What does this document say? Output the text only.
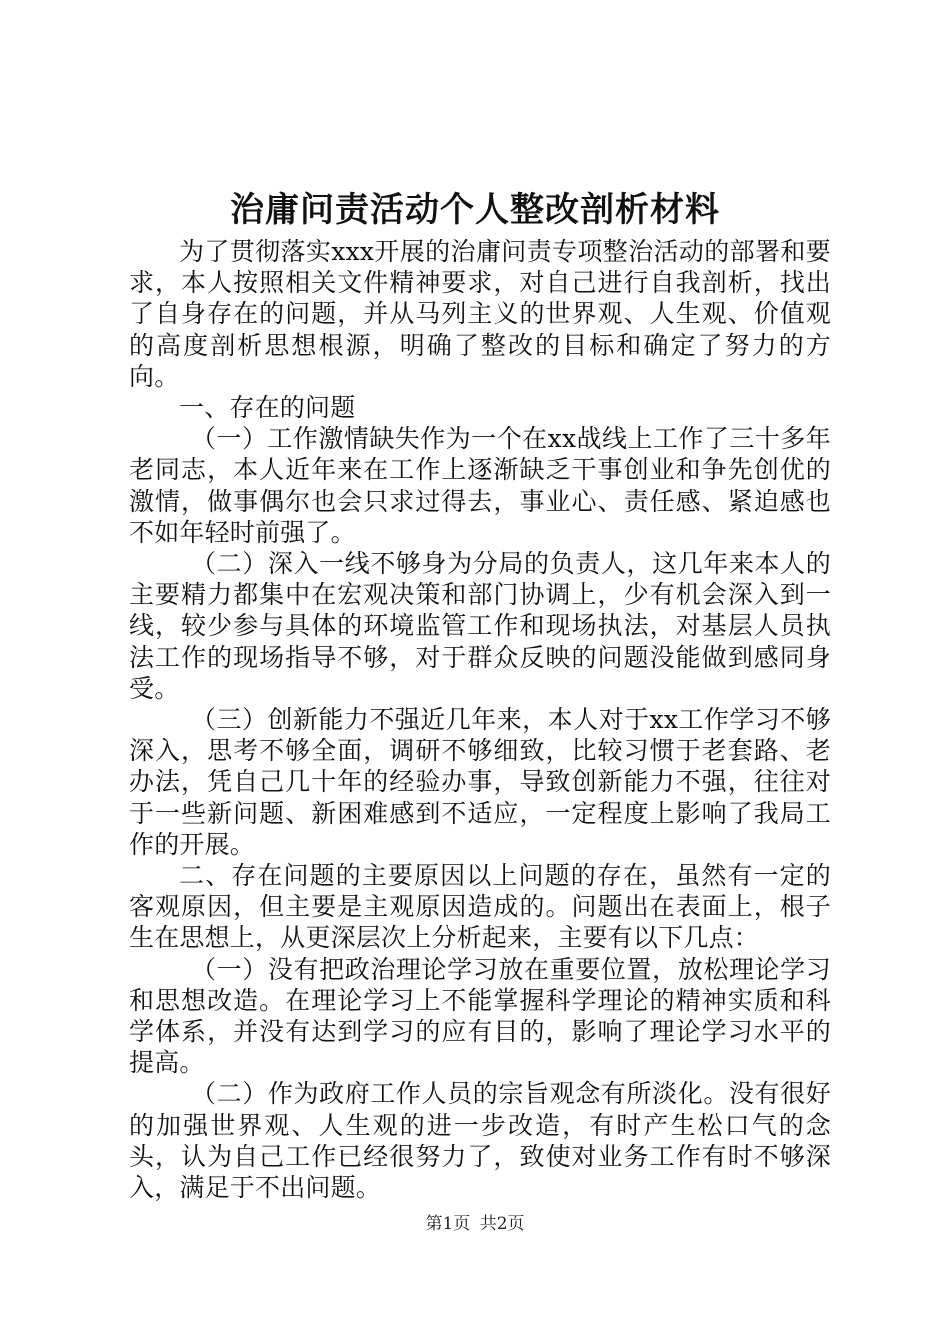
治庸问责活动个人整改剖析材料

为了贯彻落实xxx开展的治庸问责专项整治活动的部署和要求，本人按照相关文件精神要求，对自己进行自我剖析，找出了自身存在的问题，并从马列主义的世界观、人生观、价值观的高度剖析思想根源，明确了整改的目标和确定了努力的方向。

一、存在的问题

（一）工作激情缺失作为一个在xx战线上工作了三十多年老同志，本人近年来在工作上逐渐缺乏干事创业和争先创优的激情，做事偶尔也会只求过得去，事业心、责任感、紧迫感也不如年轻时前强了。

（二）深入一线不够身为分局的负责人，这几年来本人的主要精力都集中在宏观决策和部门协调上，少有机会深入到一线，较少参与具体的环境监管工作和现场执法，对基层人员执法工作的现场指导不够，对于群众反映的问题没能做到感同身受。

（三）创新能力不强近几年来，本人对于xx工作学习不够深入，思考不够全面，调研不够细致，比较习惯于老套路、老办法，凭自己几十年的经验办事，导致创新能力不强，往往对于一些新问题、新困难感到不适应，一定程度上影响了我局工作的开展。

二、存在问题的主要原因以上问题的存在，虽然有一定的客观原因，但主要是主观原因造成的。问题出在表面上，根子生在思想上，从更深层次上分析起来，主要有以下几点：

（一）没有把政治理论学习放在重要位置，放松理论学习和思想改造。在理论学习上不能掌握科学理论的精神实质和科学体系，并没有达到学习的应有目的，影响了理论学习水平的提高。

（二）作为政府工作人员的宗旨观念有所淡化。没有很好的加强世界观、人生观的进一步改造，有时产生松口气的念头，认为自己工作已经很努力了，致使对业务工作有时不够深入，满足于不出问题。

第1页 共2页
